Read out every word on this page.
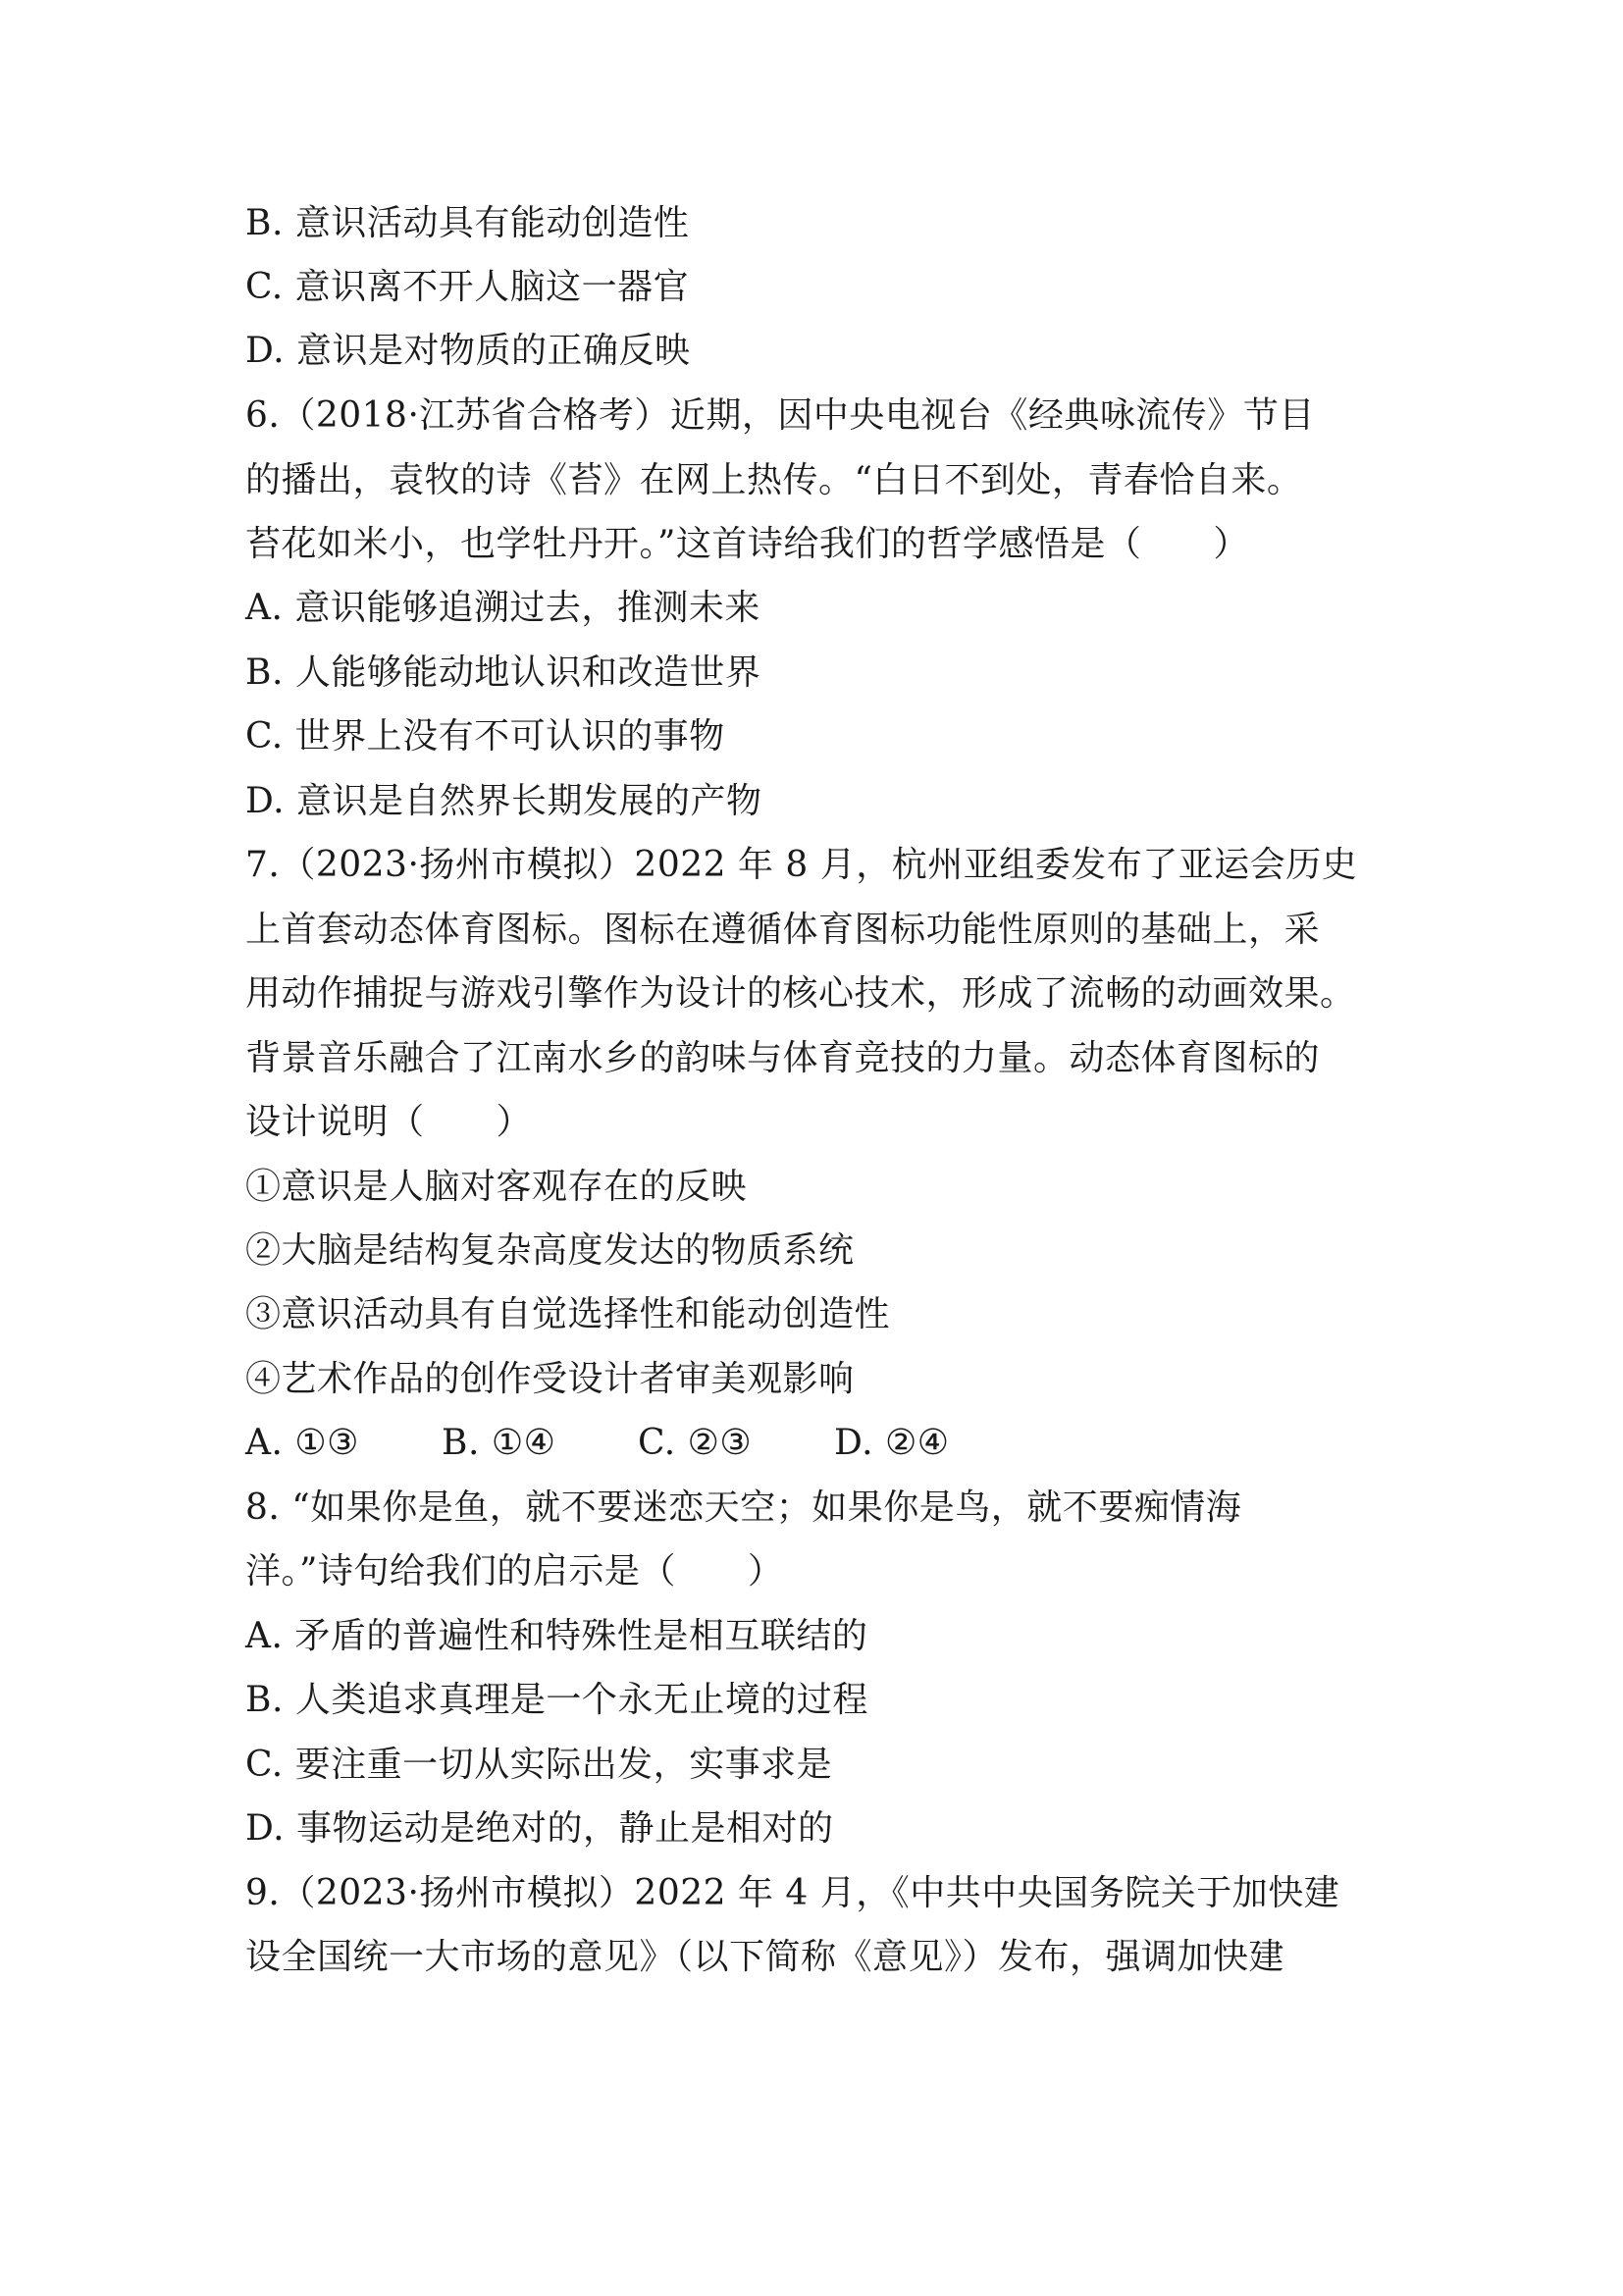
B. 意识活动具有能动创造性
C. 意识离不开人脑这一器官
D. 意识是对物质的正确反映
6.（2018·江苏省合格考）近期，因中央电视台《经典咏流传》节目
的播出，袁牧的诗《苔》在网上热传。“白日不到处，青春恰自来。
苔花如米小，也学牡丹开。”这首诗给我们的哲学感悟是（　　）
A. 意识能够追溯过去，推测未来
B. 人能够能动地认识和改造世界
C. 世界上没有不可认识的事物
D. 意识是自然界长期发展的产物
7.（2023·扬州市模拟）2022 年 8 月，杭州亚组委发布了亚运会历史
上首套动态体育图标。图标在遵循体育图标功能性原则的基础上，采
用动作捕捉与游戏引擎作为设计的核心技术，形成了流畅的动画效果。
背景音乐融合了江南水乡的韵味与体育竞技的力量。动态体育图标的
设计说明（　　）
①意识是人脑对客观存在的反映
②大脑是结构复杂高度发达的物质系统
③意识活动具有自觉选择性和能动创造性
④艺术作品的创作受设计者审美观影响
A. ①③ B. ①④ C. ②③ D. ②④
8. “如果你是鱼，就不要迷恋天空；如果你是鸟，就不要痴情海
洋。”诗句给我们的启示是（　　）
A. 矛盾的普遍性和特殊性是相互联结的
B. 人类追求真理是一个永无止境的过程
C. 要注重一切从实际出发，实事求是
D. 事物运动是绝对的，静止是相对的
9.（2023·扬州市模拟）2022 年 4 月，《中共中央国务院关于加快建
设全国统一大市场的意见》（以下简称《意见》）发布，强调加快建
